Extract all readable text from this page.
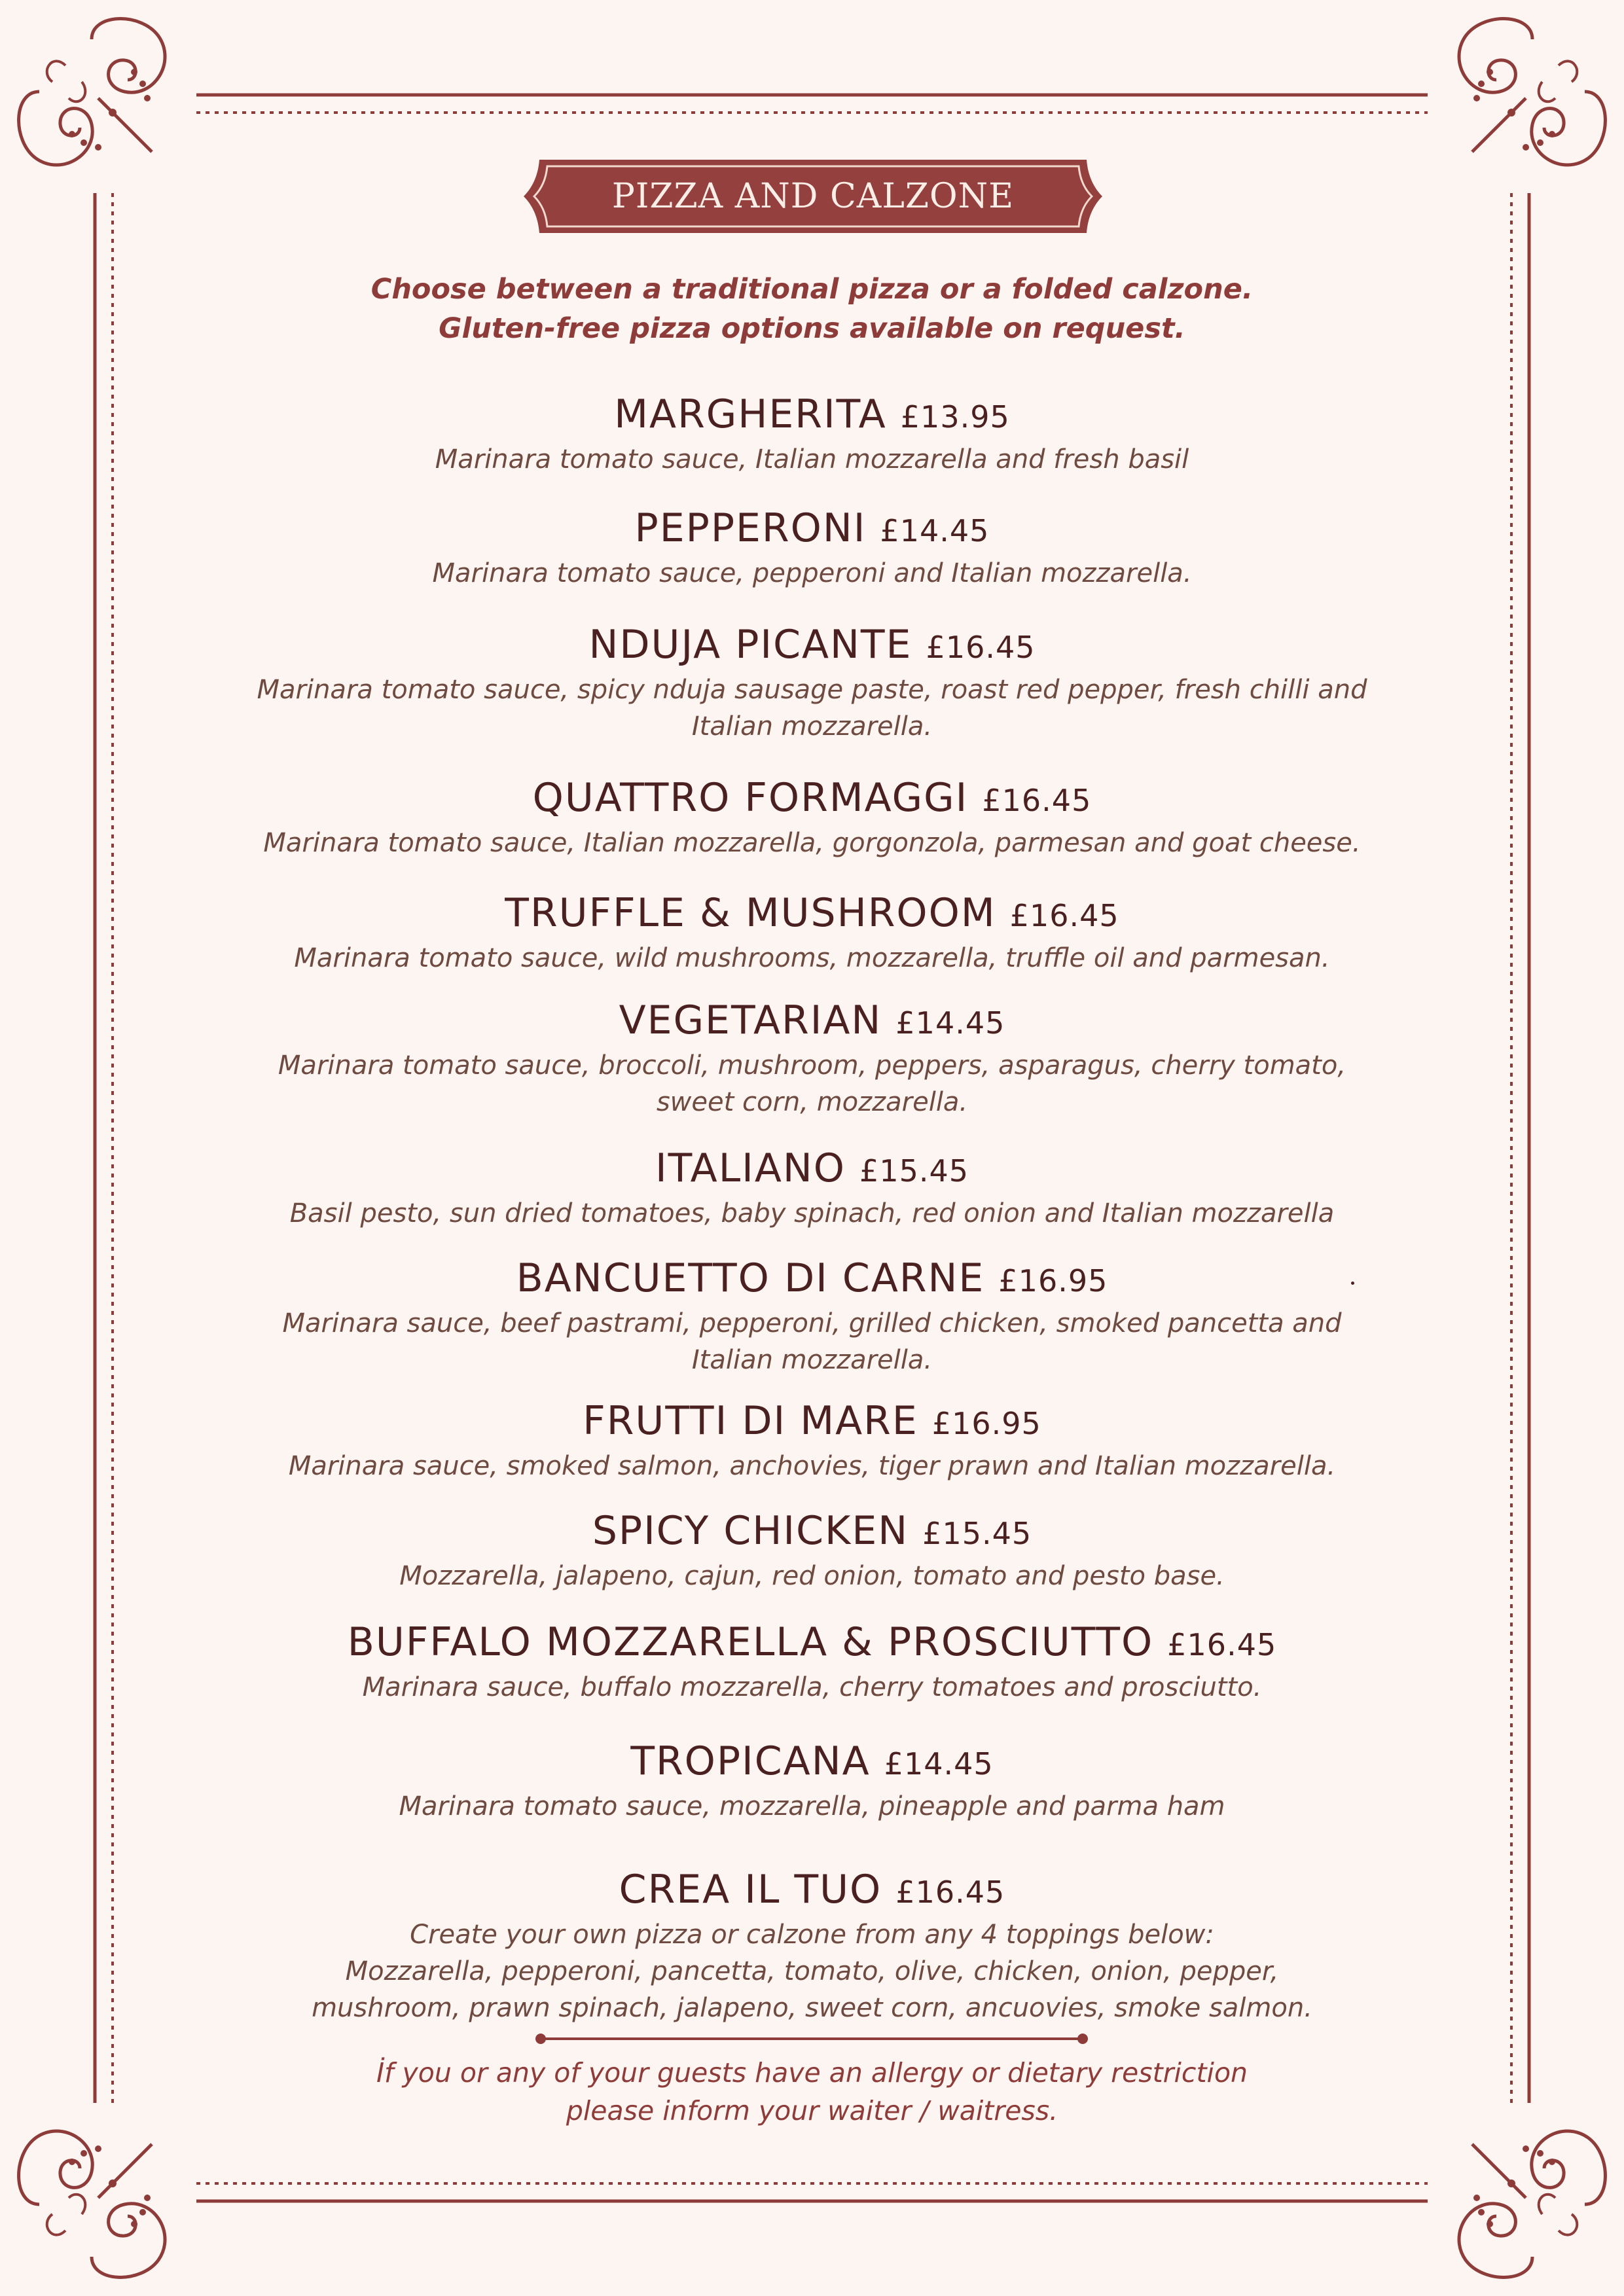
PIZZA AND CALZONE
Choose between a traditional pizza or a folded calzone.
Gluten-free pizza options available on request.
MARGHERITA £13.95
Marinara tomato sauce, Italian mozzarella and fresh basil
PEPPERONI £14.45
Marinara tomato sauce, pepperoni and Italian mozzarella.
NDUJA PICANTE £16.45
Marinara tomato sauce, spicy nduja sausage paste, roast red pepper, fresh chilli and
Italian mozzarella.
QUATTRO FORMAGGI £16.45
Marinara tomato sauce, Italian mozzarella, gorgonzola, parmesan and goat cheese.
TRUFFLE & MUSHROOM £16.45
Marinara tomato sauce, wild mushrooms, mozzarella, truffle oil and parmesan.
VEGETARIAN £14.45
Marinara tomato sauce, broccoli, mushroom, peppers, asparagus, cherry tomato,
sweet corn, mozzarella.
ITALIANO £15.45
Basil pesto, sun dried tomatoes, baby spinach, red onion and Italian mozzarella
BANCUETTO DI CARNE £16.95
Marinara sauce, beef pastrami, pepperoni, grilled chicken, smoked pancetta and
Italian mozzarella.
FRUTTI DI MARE £16.95
Marinara sauce, smoked salmon, anchovies, tiger prawn and Italian mozzarella.
SPICY CHICKEN £15.45
Mozzarella, jalapeno, cajun, red onion, tomato and pesto base.
BUFFALO MOZZARELLA & PROSCIUTTO £16.45
Marinara sauce, buffalo mozzarella, cherry tomatoes and prosciutto.
TROPICANA £14.45
Marinara tomato sauce, mozzarella, pineapple and parma ham
CREA IL TUO £16.45
Create your own pizza or calzone from any 4 toppings below:
Mozzarella, pepperoni, pancetta, tomato, olive, chicken, onion, pepper,
mushroom, prawn spinach, jalapeno, sweet corn, ancuovies, smoke salmon.
İf you or any of your guests have an allergy or dietary restriction
please inform your waiter / waitress.
